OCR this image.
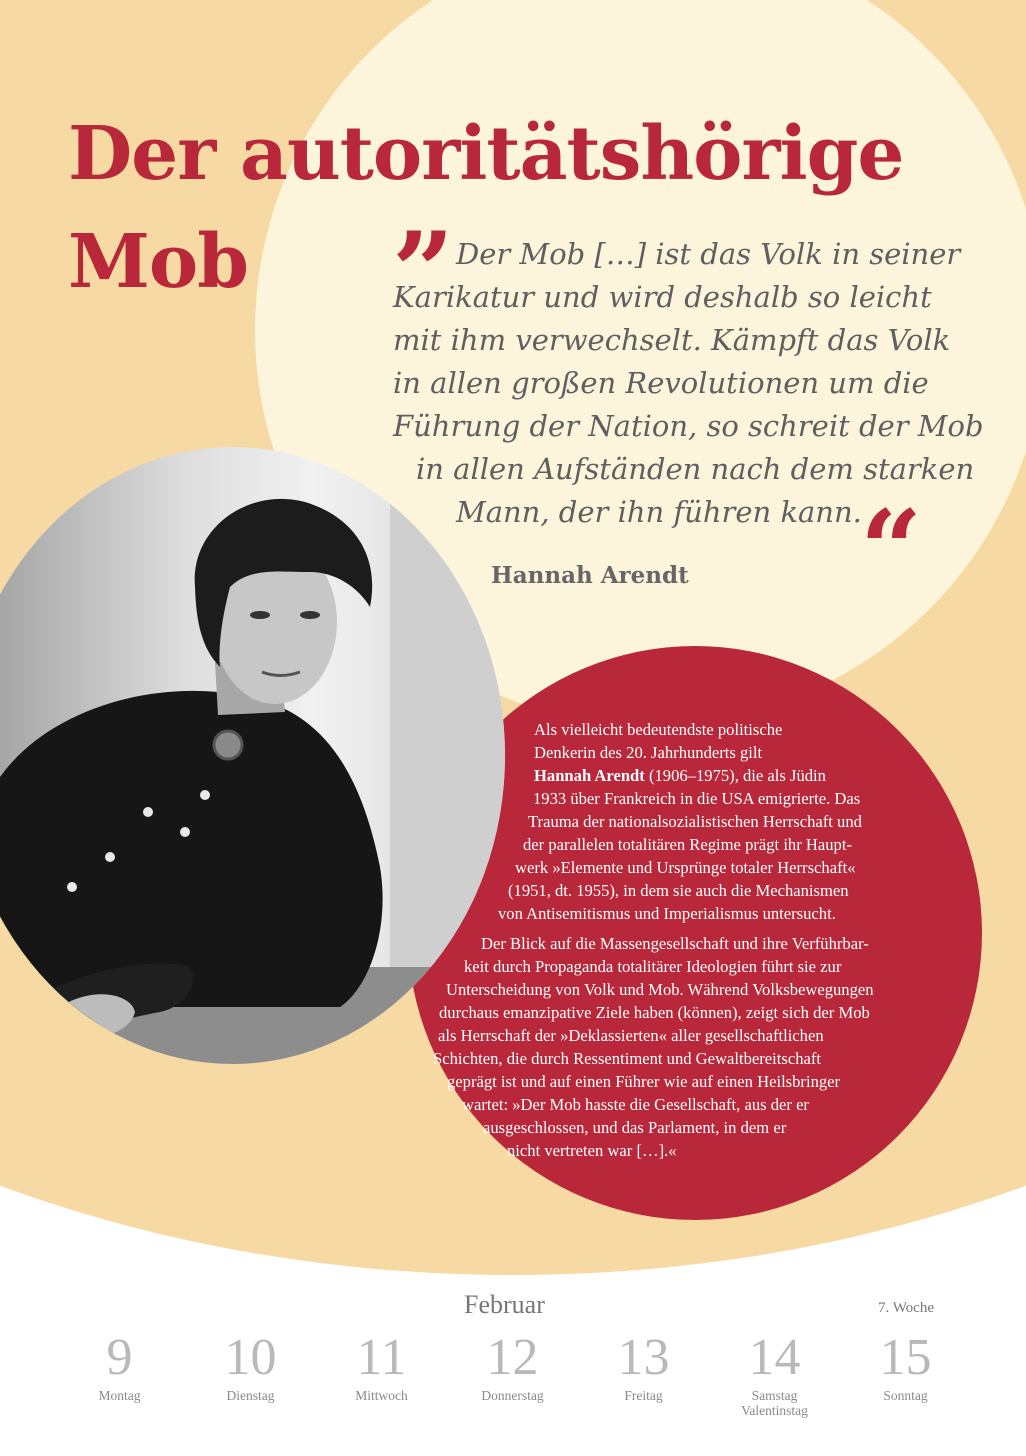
Der autoritätshörige
Mob	” Der Mob […] ist das Volk in seiner
Karikatur und wird deshalb so leicht
mit ihm verwechselt. Kämpft das Volk
in allen großen Revolutionen um die
Führung der Nation, so schreit der Mob
in allen Aufständen nach dem starken
Mann, der ihn führen kann.
“
Hannah Arendt
Als vielleicht bedeutendste politische
Denkerin des 20. Jahrhunderts gilt
Hannah Arendt (1906–1975), die als Jüdin
1933 über Frankreich in die USA emigrierte. Das
Trauma der nationalsozialistischen Herrschaft und
der parallelen totalitären Regime prägt ihr Haupt-
werk »Elemente und Ursprünge totaler Herrschaft«
(1951, dt. 1955), in dem sie auch die Mechanismen
von Antisemitismus und Imperialismus untersucht.
Der Blick auf die Massengesellschaft und ihre Verführbar-
keit durch Propaganda totalitärer Ideologien führt sie zur
Unterscheidung von Volk und Mob. Während Volksbewegungen
durchaus emanzipative Ziele haben (können), zeigt sich der Mob
als Herrschaft der »Deklassierten« aller gesellschaftlichen
Schichten, die durch Ressentiment und Gewaltbereitschaft
geprägt ist und auf einen Führer wie auf einen Heilsbringer
wartet: »Der Mob hasste die Gesellschaft, aus der er
ausgeschlossen, und das Parlament, in dem er
nicht vertreten war […].«
Februar	7. Woche
9
Montag
10
Dienstag
11
Mittwoch
12
Donnerstag
13
Freitag
14
Samstag
Valentinstag
15
Sonntag
